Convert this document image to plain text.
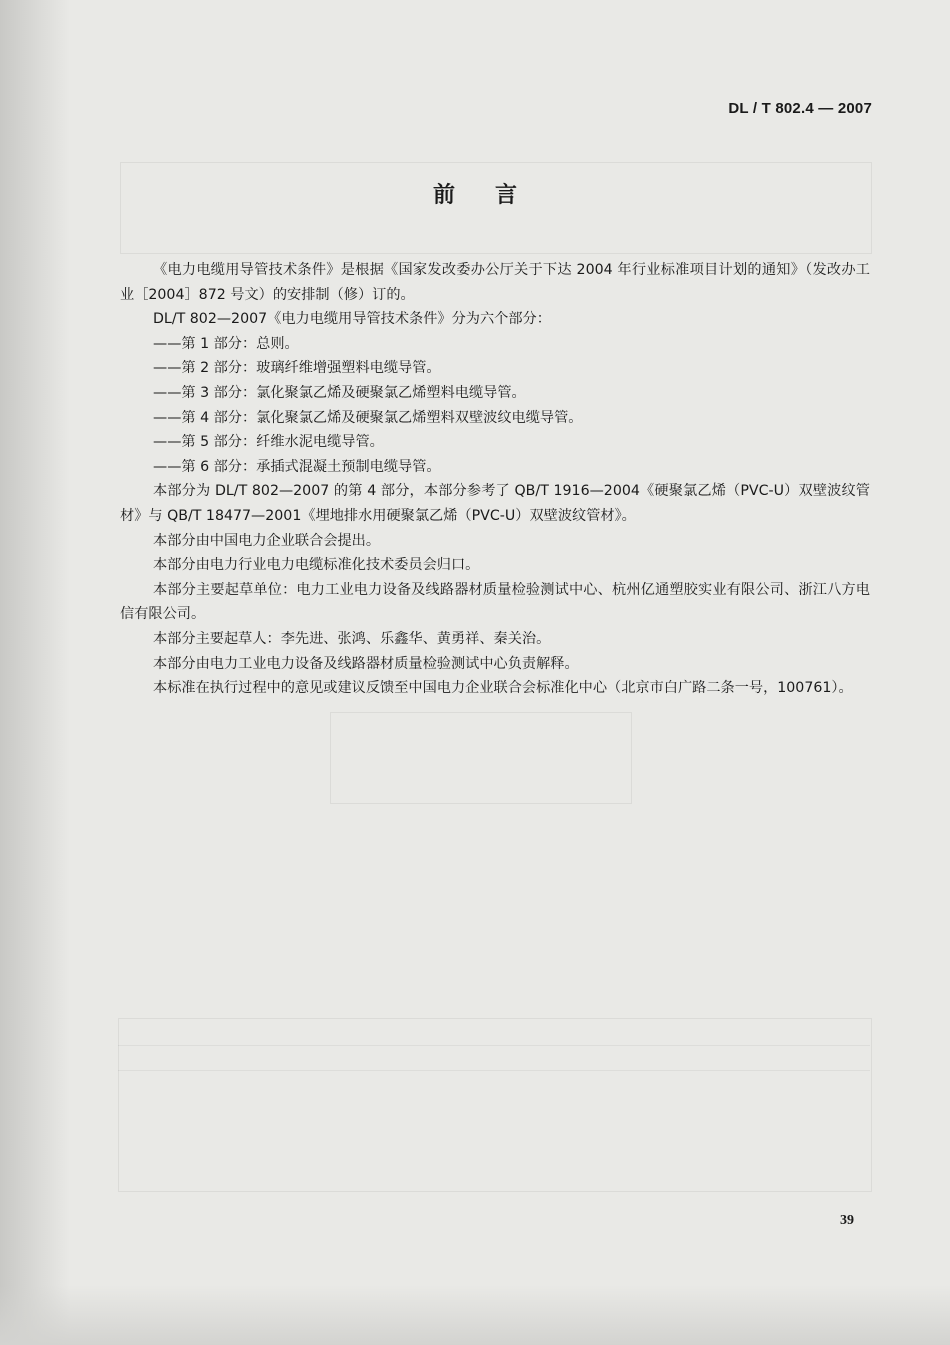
DL / T 802.4 — 2007
前言

《电力电缆用导管技术条件》是根据《国家发改委办公厅关于下达 2004 年行业标准项目计划的通知》（发改办工业［2004］872 号文）的安排制（修）订的。

DL/T 802—2007《电力电缆用导管技术条件》分为六个部分：

——第 1 部分：总则。

——第 2 部分：玻璃纤维增强塑料电缆导管。

——第 3 部分：氯化聚氯乙烯及硬聚氯乙烯塑料电缆导管。

——第 4 部分：氯化聚氯乙烯及硬聚氯乙烯塑料双壁波纹电缆导管。

——第 5 部分：纤维水泥电缆导管。

——第 6 部分：承插式混凝土预制电缆导管。

本部分为 DL/T 802—2007 的第 4 部分，本部分参考了 QB/T 1916—2004《硬聚氯乙烯（PVC-U）双壁波纹管材》与 QB/T 18477—2001《埋地排水用硬聚氯乙烯（PVC-U）双壁波纹管材》。

本部分由中国电力企业联合会提出。

本部分由电力行业电力电缆标准化技术委员会归口。

本部分主要起草单位：电力工业电力设备及线路器材质量检验测试中心、杭州亿通塑胶实业有限公司、浙江八方电信有限公司。

本部分主要起草人：李先进、张鸿、乐鑫华、黄勇祥、秦关治。

本部分由电力工业电力设备及线路器材质量检验测试中心负责解释。

本标准在执行过程中的意见或建议反馈至中国电力企业联合会标准化中心（北京市白广路二条一号，100761）。

39
